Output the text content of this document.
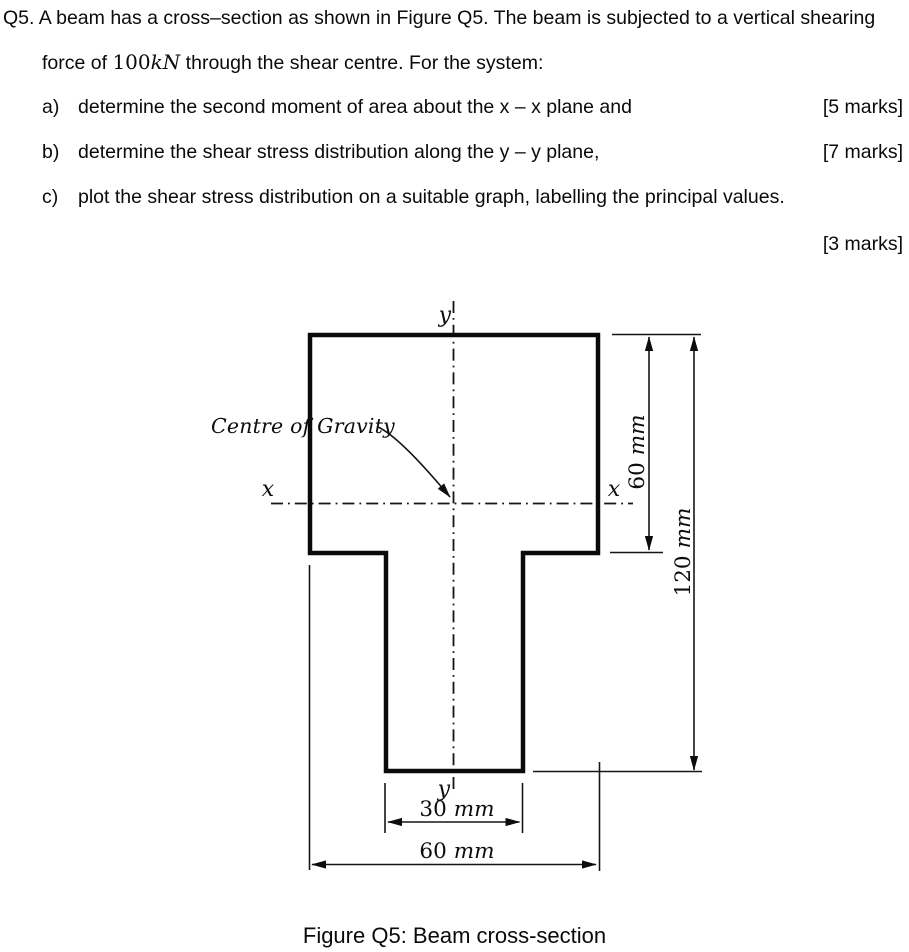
Q5. A beam has a cross–section as shown in Figure Q5. The beam is subjected to a vertical shearing
force of 100kN through the shear centre. For the system:
a) determine the second moment of area about the x – x plane and	[5 marks]
b) determine the shear stress distribution along the y – y plane,	[7 marks]
c) plot the shear stress distribution on a suitable graph, labelling the principal values.
[3 marks]
y
y
x	x
Centre of Gravity
60mm
120mm
30 mm
60 mm
Figure Q5: Beam cross-section
